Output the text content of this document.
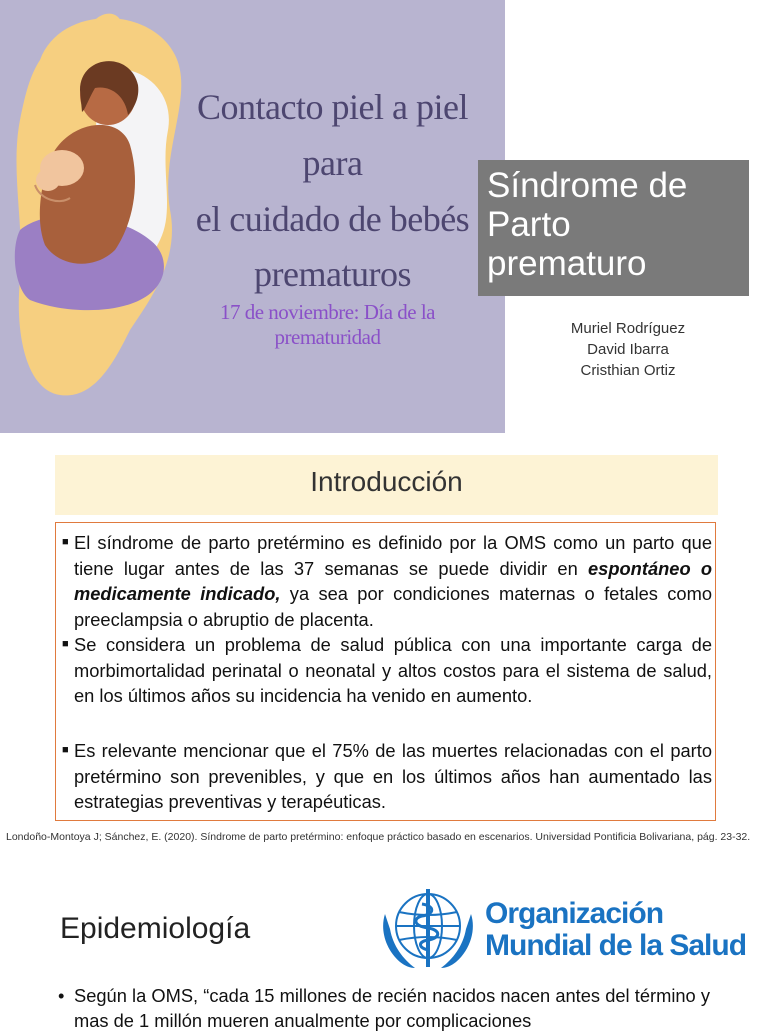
Contacto piel a piel para
el cuidado de bebés
prematuros
17 de noviembre: Día de la prematuridad
Síndrome de
Parto
prematuro
Muriel Rodríguez
David Ibarra
Cristhian Ortiz
Introducción
■ El síndrome de parto pretérmino es definido por la OMS como un parto que tiene lugar antes de las 37 semanas se puede dividir en espontáneo o medicamente indicado, ya sea por condiciones maternas o fetales como preeclampsia o abruptio de placenta.
■ Se considera un problema de salud pública con una importante carga de morbimortalidad perinatal o neonatal y altos costos para el sistema de salud, en los últimos años su incidencia ha venido en aumento.
■ Es relevante mencionar que el 75% de las muertes relacionadas con el parto pretérmino son prevenibles, y que en los últimos años han aumentado las estrategias preventivas y terapéuticas.
Londoño-Montoya J; Sánchez, E. (2020). Síndrome de parto pretérmino: enfoque práctico basado en escenarios. Universidad Pontificia Bolivariana, pág. 23-32.
Epidemiología	Organización
Mundial de la Salud
• Según la OMS, “cada 15 millones de recién nacidos nacen antes del término y mas de 1 millón mueren anualmente por complicaciones
